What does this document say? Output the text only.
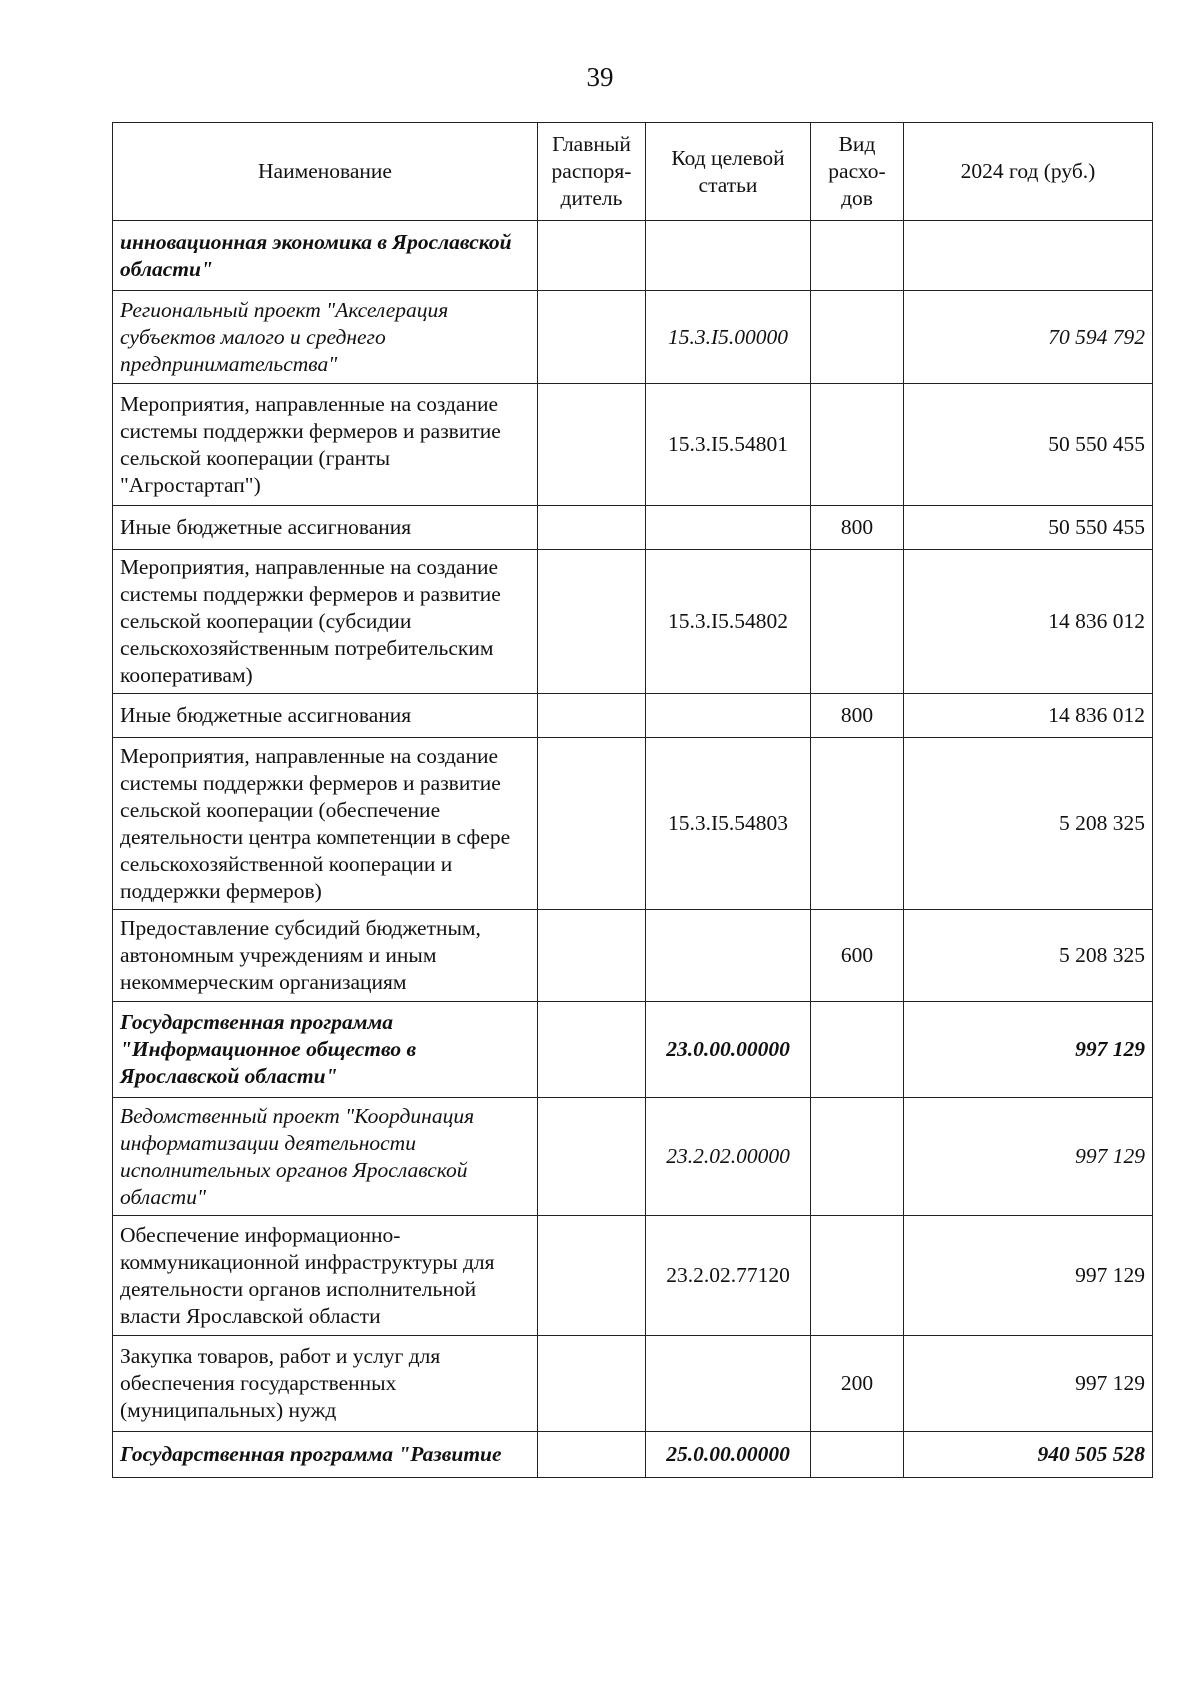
39
Наименование	Главный распоря-дитель	Код целевой статьи	Вид расхо-дов	2024 год (руб.)
инновационная экономика в Ярославской области"				
Региональный проект "Акселерация субъектов малого и среднего предпринимательства"		15.3.I5.00000		70 594 792
Мероприятия, направленные на создание системы поддержки фермеров и развитие сельской кооперации (гранты "Агростартап")		15.3.I5.54801		50 550 455
Иные бюджетные ассигнования			800	50 550 455
Мероприятия, направленные на создание системы поддержки фермеров и развитие сельской кооперации (субсидии сельскохозяйственным потребительским кооперативам)		15.3.I5.54802		14 836 012
Иные бюджетные ассигнования			800	14 836 012
Мероприятия, направленные на создание системы поддержки фермеров и развитие сельской кооперации (обеспечение деятельности центра компетенции в сфере сельскохозяйственной кооперации и поддержки фермеров)		15.3.I5.54803		5 208 325
Предоставление субсидий бюджетным, автономным учреждениям и иным некоммерческим организациям			600	5 208 325
Государственная программа "Информационное общество в Ярославской области"		23.0.00.00000		997 129
Ведомственный проект "Координация информатизации деятельности исполнительных органов Ярославской области"		23.2.02.00000		997 129
Обеспечение информационно-коммуникационной инфраструктуры для деятельности органов исполнительной власти Ярославской области		23.2.02.77120		997 129
Закупка товаров, работ и услуг для обеспечения государственных (муниципальных) нужд			200	997 129
Государственная программа "Развитие		25.0.00.00000		940 505 528
